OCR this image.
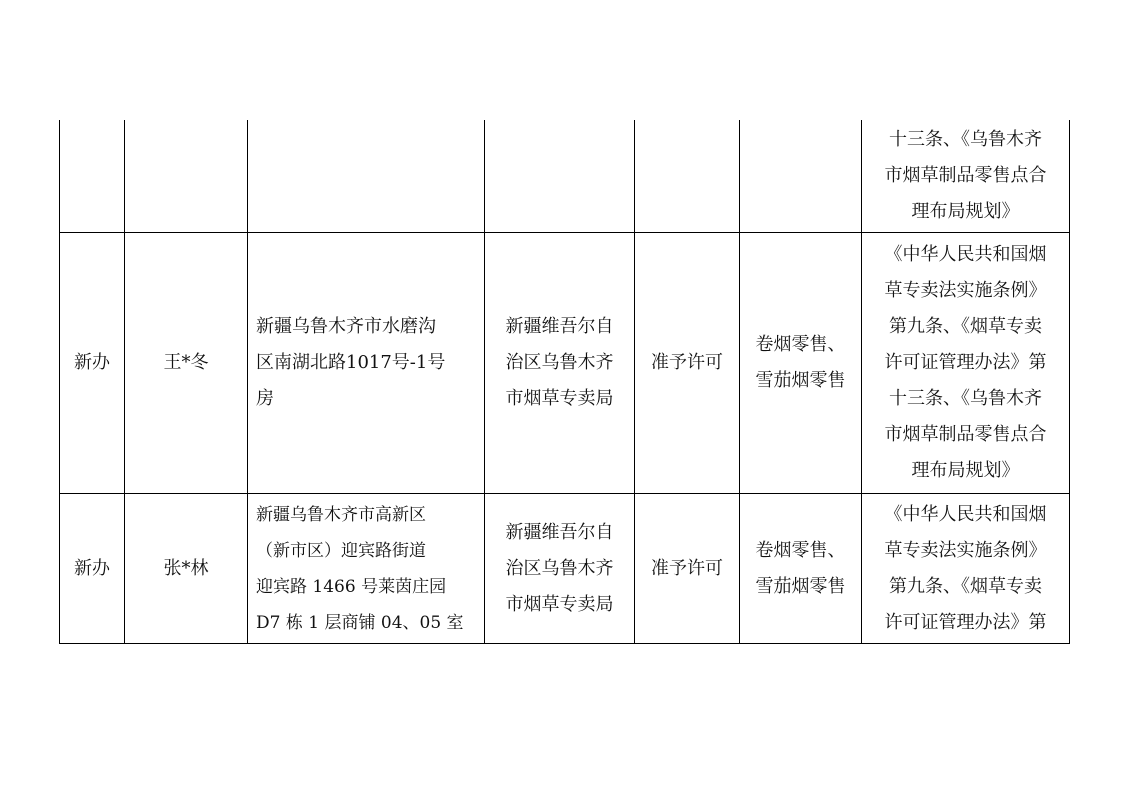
十三条、《乌鲁木齐
市烟草制品零售点合
理布局规划》
新办	王*冬
新疆乌鲁木齐市水磨沟
区南湖北路1017号-1号
房
新疆维吾尔自
治区乌鲁木齐
市烟草专卖局
准予许可
卷烟零售、
雪茄烟零售
《中华人民共和国烟
草专卖法实施条例》
第九条、《烟草专卖
许可证管理办法》第
十三条、《乌鲁木齐
市烟草制品零售点合
理布局规划》
新办	张*林
新疆乌鲁木齐市高新区
（新市区）迎宾路街道
迎宾路 1466 号莱茵庄园
D7 栋 1 层商铺 04、05 室
新疆维吾尔自
治区乌鲁木齐
市烟草专卖局
准予许可
卷烟零售、
雪茄烟零售
《中华人民共和国烟
草专卖法实施条例》
第九条、《烟草专卖
许可证管理办法》第
